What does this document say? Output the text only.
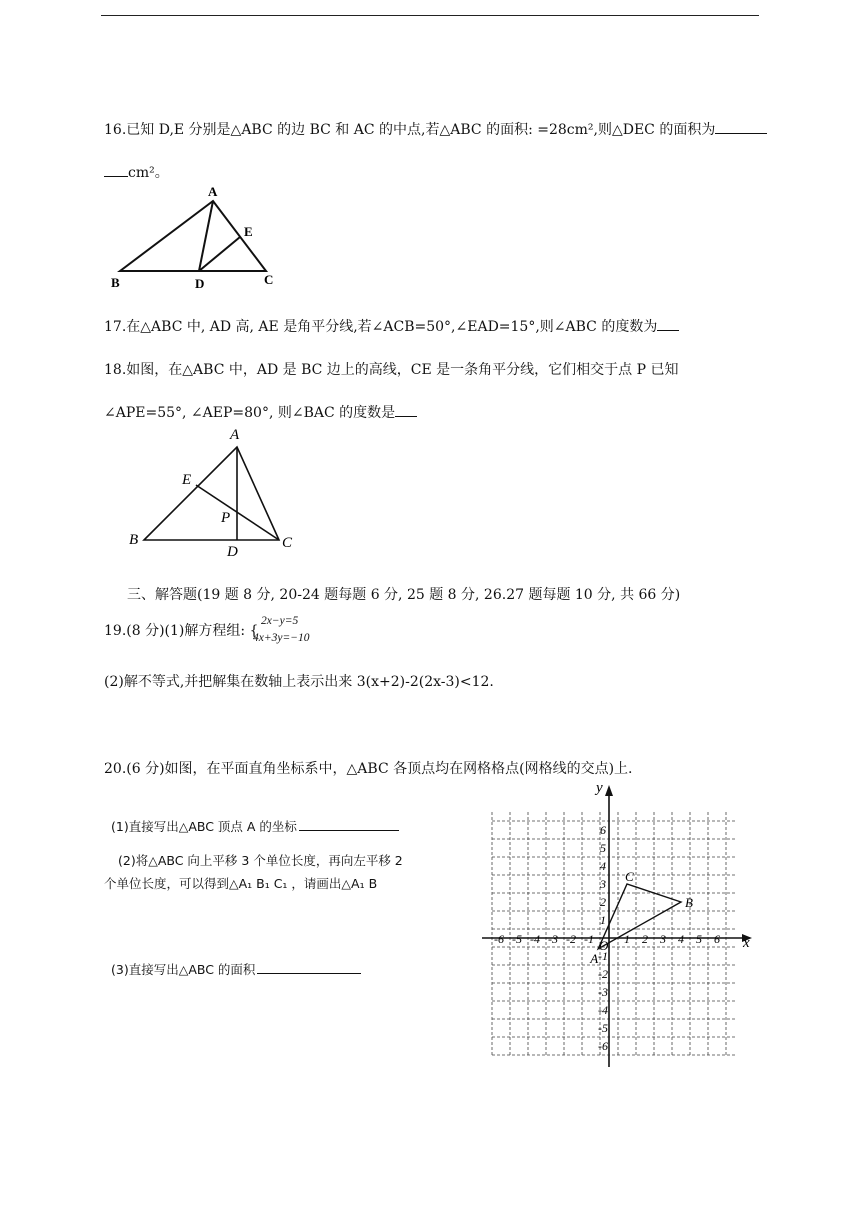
16.已知 D,E 分别是△ABC 的边 BC 和 AC 的中点,若△ABC 的面积: =28cm²,则△DEC 的面积为
cm²。
A
E
B	D	C
17.在△ABC 中, AD 高, AE 是角平分线,若∠ACB=50°,∠EAD=15°,则∠ABC 的度数为
18.如图，在△ABC 中，AD 是 BC 边上的高线，CE 是一条角平分线，它们相交于点 P 已知
∠APE=55°, ∠AEP=80°, 则∠BAC 的度数是
A
E
P
B
D
C
三、解答题(19 题 8 分, 20-24 题每题 6 分, 25 题 8 分, 26.27 题每题 10 分, 共 66 分)
19.(8 分)(1)解方程组: {
2x−y=5
4x+3y=−10
(2)解不等式,并把解集在数轴上表示出来 3(x+2)-2(2x-3)<12.
20.(6 分)如图，在平面直角坐标系中，△ABC 各顶点均在网格格点(网格线的交点)上.
(1)直接写出△ABC 顶点 A 的坐标
(2)将△ABC 向上平移 3 个单位长度，再向左平移 2
个单位长度，可以得到△A₁ B₁ C₁ ，请画出△A₁ B
(3)直接写出△ABC 的面积
x
y
O
-6 -5 -4 -3 -2 -1	1 2 3 4 5 6
6
5
4
3
2
1
-1
-2
-3
-4
-5
-6
A
B
C
